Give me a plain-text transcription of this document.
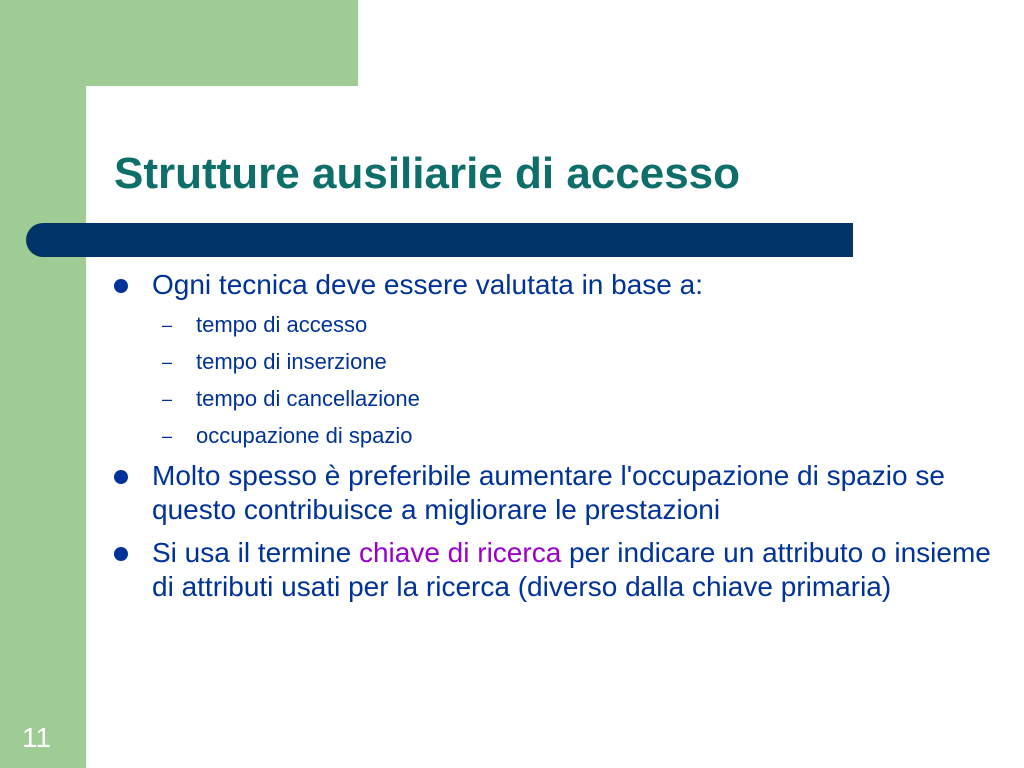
Strutture ausiliarie di accesso
Ogni tecnica deve essere valutata in base a:
– tempo di accesso
– tempo di inserzione
– tempo di cancellazione
– occupazione di spazio
Molto spesso è preferibile aumentare l'occupazione di spazio se questo contribuisce a migliorare le prestazioni
Si usa il termine chiave di ricerca per indicare un attributo o insieme di attributi usati per la ricerca (diverso dalla chiave primaria)
11
